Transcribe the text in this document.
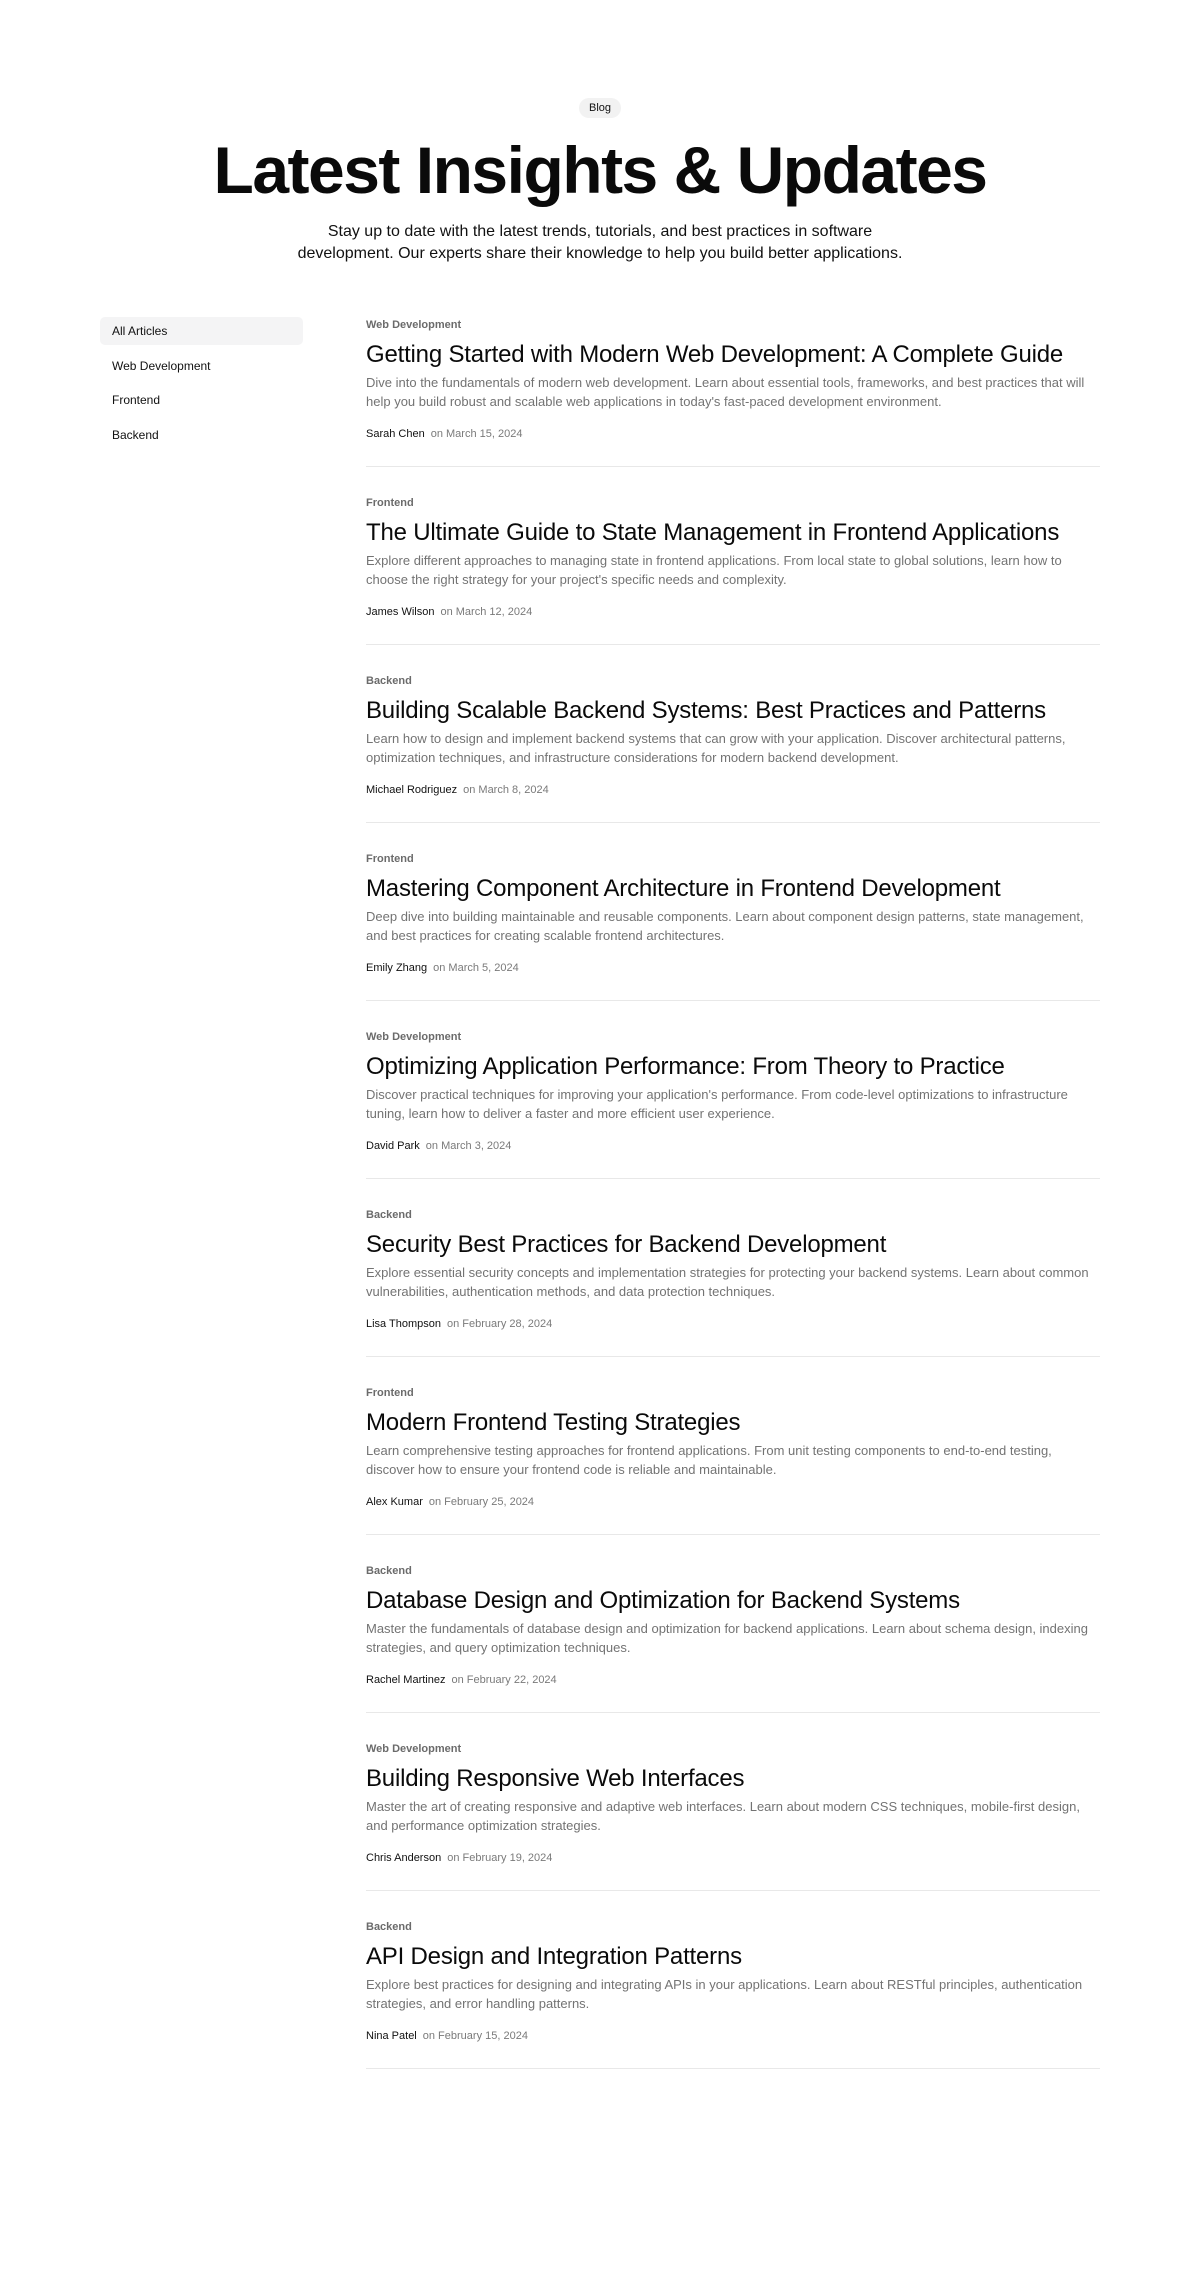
Blog
Latest Insights & Updates

Stay up to date with the latest trends, tutorials, and best practices in software development. Our experts share their knowledge to help you build better applications.

All Articles
Web Development
Frontend
Backend
Web Development
Getting Started with Modern Web Development: A Complete Guide

Dive into the fundamentals of modern web development. Learn about essential tools, frameworks, and best practices that will help you build robust and scalable web applications in today's fast-paced development environment.

Sarah Chen on March 15, 2024
Frontend
The Ultimate Guide to State Management in Frontend Applications

Explore different approaches to managing state in frontend applications. From local state to global solutions, learn how to choose the right strategy for your project's specific needs and complexity.

James Wilson on March 12, 2024
Backend
Building Scalable Backend Systems: Best Practices and Patterns

Learn how to design and implement backend systems that can grow with your application. Discover architectural patterns, optimization techniques, and infrastructure considerations for modern backend development.

Michael Rodriguez on March 8, 2024
Frontend
Mastering Component Architecture in Frontend Development

Deep dive into building maintainable and reusable components. Learn about component design patterns, state management, and best practices for creating scalable frontend architectures.

Emily Zhang on March 5, 2024
Web Development
Optimizing Application Performance: From Theory to Practice

Discover practical techniques for improving your application's performance. From code-level optimizations to infrastructure tuning, learn how to deliver a faster and more efficient user experience.

David Park on March 3, 2024
Backend
Security Best Practices for Backend Development

Explore essential security concepts and implementation strategies for protecting your backend systems. Learn about common vulnerabilities, authentication methods, and data protection techniques.

Lisa Thompson on February 28, 2024
Frontend
Modern Frontend Testing Strategies

Learn comprehensive testing approaches for frontend applications. From unit testing components to end-to-end testing, discover how to ensure your frontend code is reliable and maintainable.

Alex Kumar on February 25, 2024
Backend
Database Design and Optimization for Backend Systems

Master the fundamentals of database design and optimization for backend applications. Learn about schema design, indexing strategies, and query optimization techniques.

Rachel Martinez on February 22, 2024
Web Development
Building Responsive Web Interfaces

Master the art of creating responsive and adaptive web interfaces. Learn about modern CSS techniques, mobile-first design, and performance optimization strategies.

Chris Anderson on February 19, 2024
Backend
API Design and Integration Patterns

Explore best practices for designing and integrating APIs in your applications. Learn about RESTful principles, authentication strategies, and error handling patterns.

Nina Patel on February 15, 2024
